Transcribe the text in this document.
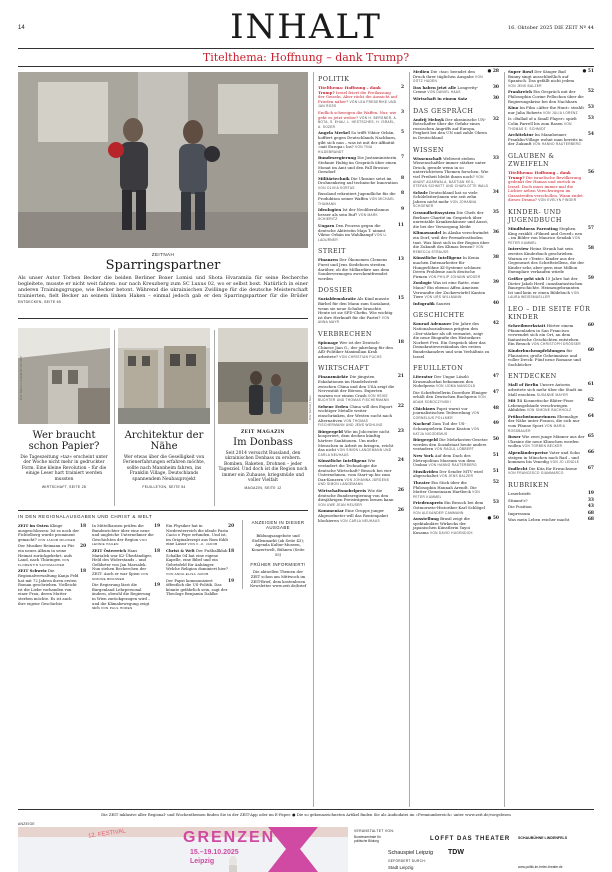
14	INHALT	16. Oktober 2025 DIE ZEIT Nº 44
Titelthema: Hoffnung – dank Trump?
ZEITNAH
Sparringspartner
Als unser Autor Torben Becker die beiden Berliner Boxer Lomisi und Shota Hvaramiia für seine Recherche begleitete, musste er nicht weit fahren: nur nach Kreuzberg zum SC Luxus 02, wo er selbst boxt. Natürlich in einer anderen Trainingsgruppe, wie Becker betont. Während die ukrainischen Zwillinge für die deutsche Meisterschaft trainierten, fielt Becker an seinem linken Haken – einmal jedoch gab er den Sparringspartner für die Brüder ENTDECKEN, SEITE 65
Foto: Rebecca Schmitt für DIE ZEIT
Foto: Bertold J. Beer
Wer braucht schon Papier?
Die Tageszeitung »taz« erscheint unter der Woche nicht mehr in gedruckter Form. Eine kleine Revolution – für die einige Leser hart trainiert werden mussten
WIRTSCHAFT, SEITE 28
Architektur der Nähe
Wer etwas über die Geselligkeit von Ferienerfahrungen erfahren möchte, sollte nach Mannheim fahren, ins Franklin Village, Deutschlands spannendem Neubauprojekt
FEUILLETON, SEITE 54
ZEIT MAGAZIN
Im Donbass
Seit 2014 versucht Russland, den ukrainischen Donbass zu erobern. Bomben, Raketen, Drohnen – jeder Tagesziel. Und doch ist die Region noch immer ein Zuhause, kriegsmüde und voller Vielfalt
MAGAZIN, SEITE 12
IN DEN REGIONALAUSGABEN UND CHRIST & WELT
ZEIT im Osten Klinge ausgeschlossen: Ist es noch der Fichtelberg wurde prominent gemacht? VON JAKOB MILDNER
18
Der Musiker Reimann zu Für ein neues Album in seine Heimat zurückgekehrt, aufs Land, nach Thüringen VON FLORENTIN SCHUMACHER
20
ZEIT Schweiz Die Regionalverwaltung Kanja Feld hat mit 72 Jahren ihren ersten Roman geschrieben. Vielleicht ist die Liebe vorhanden von einer Frau, deren Mutter sterben möchte. Es ist auch ihre eigene Geschichte
18
In Mittelhausen prüfen die Bundesrichter über eine neue und ungleiche Unternehmer die Geschichten der Region VON LENNIE HAGEN
19
ZEIT Österreich Hans Marialek war K2-Überländiger, Held des Widerstands – und Gefährter von Jan Marsalek. Nun stehen Recherchen der ZEIT: Auch er war Spion VON SIMONE BRUNNER
18
Die Regierung lässt die Burgenland Lehrpersonal ändern, obwohl die Regierung in Wien zurückgezogen wird – und die Klimabewegung zeigt sich VON PAUL HOREN
19
Ein Physiker hat in Niedersterreich die ideale Pasta Cacio e Pepe erfunden. Und ist, im Originalrezept aus Rom fühlt eine Lasur VON K.-K. JAKOB
20
Christ & Welt Der Fußballklub Schalke 04 hat eine eigene Kapelle, eine Bibel und ein Gebetsfeld für Anhänger. Welche Religion dominiert hier? VON ANNA-ELISA JAKOB
18
Der Papst kommuniziert öffentlich die US-Politik. Das könnte gefährlich sein, sagt der Theologe Benjamin Dahlke
19
ANZEIGEN IN DIESER AUSGABE
Bildungsangebote und Stellenmarkt (ab Seite 43); Agenda Kultur-Museen, Konzertwelt, Bühnen (Seite 55)
FRÜHER INFORMIERT!
Die aktuellen Themen der ZEIT schon am Mittwoch im ZEIT-Brief, dem kostenlosen Newsletter www.zeit.de/brief
POLITIK
Titelthema: Hoffnung – dank Trump? Israel feiert die Freilassung der Geiseln. Aber rückt die Aussicht auf Frieden näher? VON LEA FREDERIKE UND JAN ROSS
2
Endlich schweigen die Waffen. Nur, wie geht es jetzt weiter? VON H. BERGNER, A. BOTA, S. EHAU, L. HESTSCHES, H. ISRAEL, A. SOZER
3
Angela Merkel So trifft Viktor Orbán, hoffiert gegen Deutschlands Nachbarn, gibt sich nun – was ist mit der Affinität »mit Europa« los? VON TINA HILDEBRANDT
5
Bundesregierung Die Justizministerin Stefanie Hubig im Gespräch über einen Monat im Amt und den Fall Brosius-Gersdorf
7
Militärtechnik Die Ukraine setzt im Drohnenkrieg auf technische Innovation VON OLIVIA KORTAS
8
Russland rekrutiert Jugendliche für die Produktion seiner Waffen VON MICHAEL THUMANN
8
Ideologien Ist der Neoliberalismus besser als sein Ruf? VON MARK SCHIERITZ
9
Ungarn Den Prozess gegen die deutsche Aktivistin Maja T. nimmt Viktor Orbán im Wahlkampf VON U. LADURNER
11
STREIT
Finanzen Der Ökonomen Clemens Fuest und Jens Siedeborn streiten darüber, ob die Milliardäre aus dem Sondervermogen zweckentfremdet werden
13
DOSSIER
Sozialdemokratie Als Kind musste Bärbel für den Mann zum Sozialamt, wenn sie neue Schuhe brauchte. Heute ist sie SPD-Chefin. Wie wichtig ist ihre Herkunft für die Partei? VON ANNA MAYR
15
VERBRECHEN
Spionage Wer ist der Deutsch-Chinese Jian G., der jahrelang für den AfD-Politiker Maximilian Krah arbeitete? VON CHRISTIAN FUCHS
18
WIRTSCHAFT
Finanzmärkte Die jüngsten Eskalationen im Handelsstreit zwischen China und den USA zeigt die Nervosität der Börsen. Experten warnen vor einem Crash VON HEIKE BUCHTER UND THOMAS FISCHERMANN
21
Sebene Erden China will den Export wichtiger Metalle weiter einschränken, der Westen sucht nach Alternativen VON THOMAS FISCHERMANN UND JENS WOHLING
22
Bürgergeld Wie im Jobcenter nicht kooperiert, dem drohen künftig härtere Sanktionen. Um mehr Menschen in Arbeit zu bringen, reicht das nicht VON SIMON LANGEMANN UND CARLA NEUHAUS
23
Künstliche Intelligenz Wie verändert die Technologie die deutsche Wirtschaft? Besuch bei vier Unternehmen, vom Start-up bis zum Dax-Konzern VON JOHANNA JÜRGENS UND SIMON LANGEMANN
24
Wirtschaftsnobelpreis Wie die deutsche Bundesregierung von den diesjährigen Preisträgern lernen kann VON UWE JEAN HEUSER
26
Kommentar Eine Gruppe junger Abgeordneter will das Rentenpaket blockieren VON CARLA NEUHAUS
26
Medien Die »taz« beendet den Druck ihrer täglichen Ausgabe VON GÖTZ HUDEN
● 28
Das haben jetzt alle Longevity-Creme VON DANIEL HAAS
30
Wirtschaft in einem Satz	30
DAS GESPRÄCH
Andrij Melnyk Der ukrainische UN-Botschafter über die Gefahr eines russischen Angriffs auf Europa, Feigheit bei den UN und zahle Ohren in Deutschland
32
WISSEN
Wissenschaft Weltweit steben Wissenschaftler immer stärker unter Druck, gerade wenn in so unterrichtetem Themen forschen. Wie viel Freiheit bleibt ihnen noch? VON ANANT AGARWALA, BASTIAN KEIL, STEFAN SCHMITT UND CHARLOTTE WALD
33
Schule Deutschland hat so viele Schüleleiter/innen wie seit zehn Jahren nicht mehr VON JOHANNA SCHOENER
34
Gesundheitssystem Die Chefs der Berliner Charité im Gespräch über unrentable Krankenhäuser und Ausst, die bei der Versorgung bleibt
35
Klimawandel In Alaska verschwindet ein Dorf, weil der Permafrostboden taut. Was lässt sich in der Region über die Zukunft des Klimas lernen? VON REBECCA STRAUSS
36
Künstliche Intelligenz In Kenia machen Datenarbeiter für Hungerlöhne KI-Systeme schlauer. Deren Probleme auch deutsche Firmen VON PHILIP JOHANN WOGER
38
Zoologie Was ist eine Ratte, eine Maus? Ein ebenso Affen Ameisen Verwandte der Zuckerwürfel Kanten Tiere VON URS WILLMANN
39
Infografik Sauriei	40
GESCHICHTE
Konrad Adenauer Die Jahre des Nationalsozialismus prägten den »Der-stärker als oft vermutet, zeigt die neue Biografie des Historikers Norbert Frei. Ein Gespräch über das Demokratieverständnis des ersten Bundeskanzlers und sein Verhältnis zu Israel
42
FEUILLETON
Literatur Der Ungar László Krasznahorkai bekommen den Nobelpreis VON IJOMA MANGOLD
47
Die Schriftstellerin Dorothee Elmiger erhält den Deutschen Buchpreis VON ADAM SOBOCZYNSKI
47
Chichiaws Papst warnt vor journalistischen Teilwerdung VON CORNELIUS POLLMER
48
Nachruf Zum Tod der US-Schauspielerin Diane Keaton VON KATJA NICODEMUS
49
Bürgergeld Die Mehrkosten-Gesetze werden den Sozialstaat heute anders verändern VON RAOUL LÖBBERT
50
New York Auf dem Dach des Metropolitan Museum von dem Umbau VON HANNO RAUTERBERG
51
Musikvideo Der Sender MTV wird abgeschaltet VON JENS BALZER
51
Theater Ein Stick über die Philosophin Hannah Arendt. Die Mutter Gemeinsam Hartbeck VON PETER KUMMEL
52
Friedenspreis Ein Besuch bei dem Ostmoravie-Historiker Karl Schlögel VON ALEXANDER CAMMANN
53
Ausstellung Brasil zeigt die spektakuläre Wirkecks der japanischen Künstlerin Yayoi Kusama VON DAVID HUGENDICK
● 50
Super Bowl Der Sänger Bad Bunny singt ausschließlich auf Spanisch. Das gefällt nicht jedem VON JENS BALZER
● 51
Frankreich Ein Gespräch mit der Philosophin Corine Pelluchon über die Regierungskrise bei den Nachbarn
52
Kino Im Film »After the Hunt« strahlt nur Julia Roberts VON JULIA LORENZ
53
Is »Ballad of a Small Player« spielt Colin Farrell bis zum Rasen VON THOMAS E. SCHMIDT
53
Architektur Im Mannheimer Franklin-Village wohnt man bereits in der Zukunft VON HANNO RAUTERBERG
54
GLAUBEN & ZWEIFELN
Titelthema: Hoffnung – dank Trump? Die israelische Bevölkerung gedenkt der Hamas und zurück in Israel. Doch muss immer mal die Lichter neben Verschwiegen im Gazastreifen verschollen. Wann endet dieses Drama? VON EVELYN FINGER
56
KINDER- UND JUGENDBUCH
Mindfulness Parenting Stephen King erzählt »Filmed and Greed« neu – im Bilder von Maurice Sendak VON PETER KUMMEL
57
Interview Heinz Strunk hat sein zweites Kinderbuch geschrieben. Warum er »Texte« Kinder aus der Gegenwart des Schriftstellens, die der Kinder sehr, aber gern eine Million Exemplare verkaufen würde
58
Geißer geht sich 15 Jahre hat der Dieter Jakob Hertl »umsfantastischen Baurgeschichte. Heimzugebrannten Ist und kein er einen Bildebuch VON LAURA WEISSMUELLER
59
LEO – DIE SEITE FÜR KINDER
Schreibwerkstatt Hörter einem Pfannenladen in San Francisco verwendet sich ein Ort, an dem fantastische Geschichten entstehen. Ein Besuch VON CHRISTOPH DRÖSSER
60
Kinderbuchempfehlungen für Flausoirer, große Geheimnisse und voller Dreck: Fünf neue Romane und Sachbücher
60
ENTDECKEN
Mall of Berlin Unsere Autorin arbeitete sich mehr über die Stadt im Mall erachten SUSANNE MAYER
61
Mit 51 Kosmetische Bläter-Fisse Lebensgebäude verschwiegen Abbilden VON SIMONE BUCHHOLZ
62
Frühschwimmerinnen Ehemalige der Nähe unter Fraucn, die sich nur vom Pfanne Sport VON MARIA ROSSBAUER
64
Boxer Wie zwei junge Männer aus der Ukraine die neue Klinschen werden wollen VON TORBEN BECKER
65
Alpenländerpreise Vater und Sohn steigen in München nach Rad – und kommen bis Venedig VON JO LENDLE
66
Endlecht Die Kita für Erwachsene VON FRANCESCO GIAMMARCO
67
RUBRIKEN
Leserbriefe	19
Stimmt's?	33
Die Position	43
Impressum	68
Was mein Leben reicher macht	68
Die ZEIT inklusive aller Regional- und Wochenthemen finden Sie in der ZEIT-App oder im E-Paper. ● Die so gekennzeichneten Artikel finden Sie als Audiodatei im »Premiumbereich« unter www.zeit.de/vorgelesen
ANZEIGE
12. FESTIVAL	GRENZEN
15.–19.10.2025
Leipzig
VERANSTALTET VON:
Bundeszentrale für politische Bildung	LOFFT DAS THEATER SCHAUBÜHNE LINDENFELS
Schauspiel Leipzig TDW
GEFÖRDERT DURCH:
Stadt Leipzig	www.politik-im-freien-theater.de
